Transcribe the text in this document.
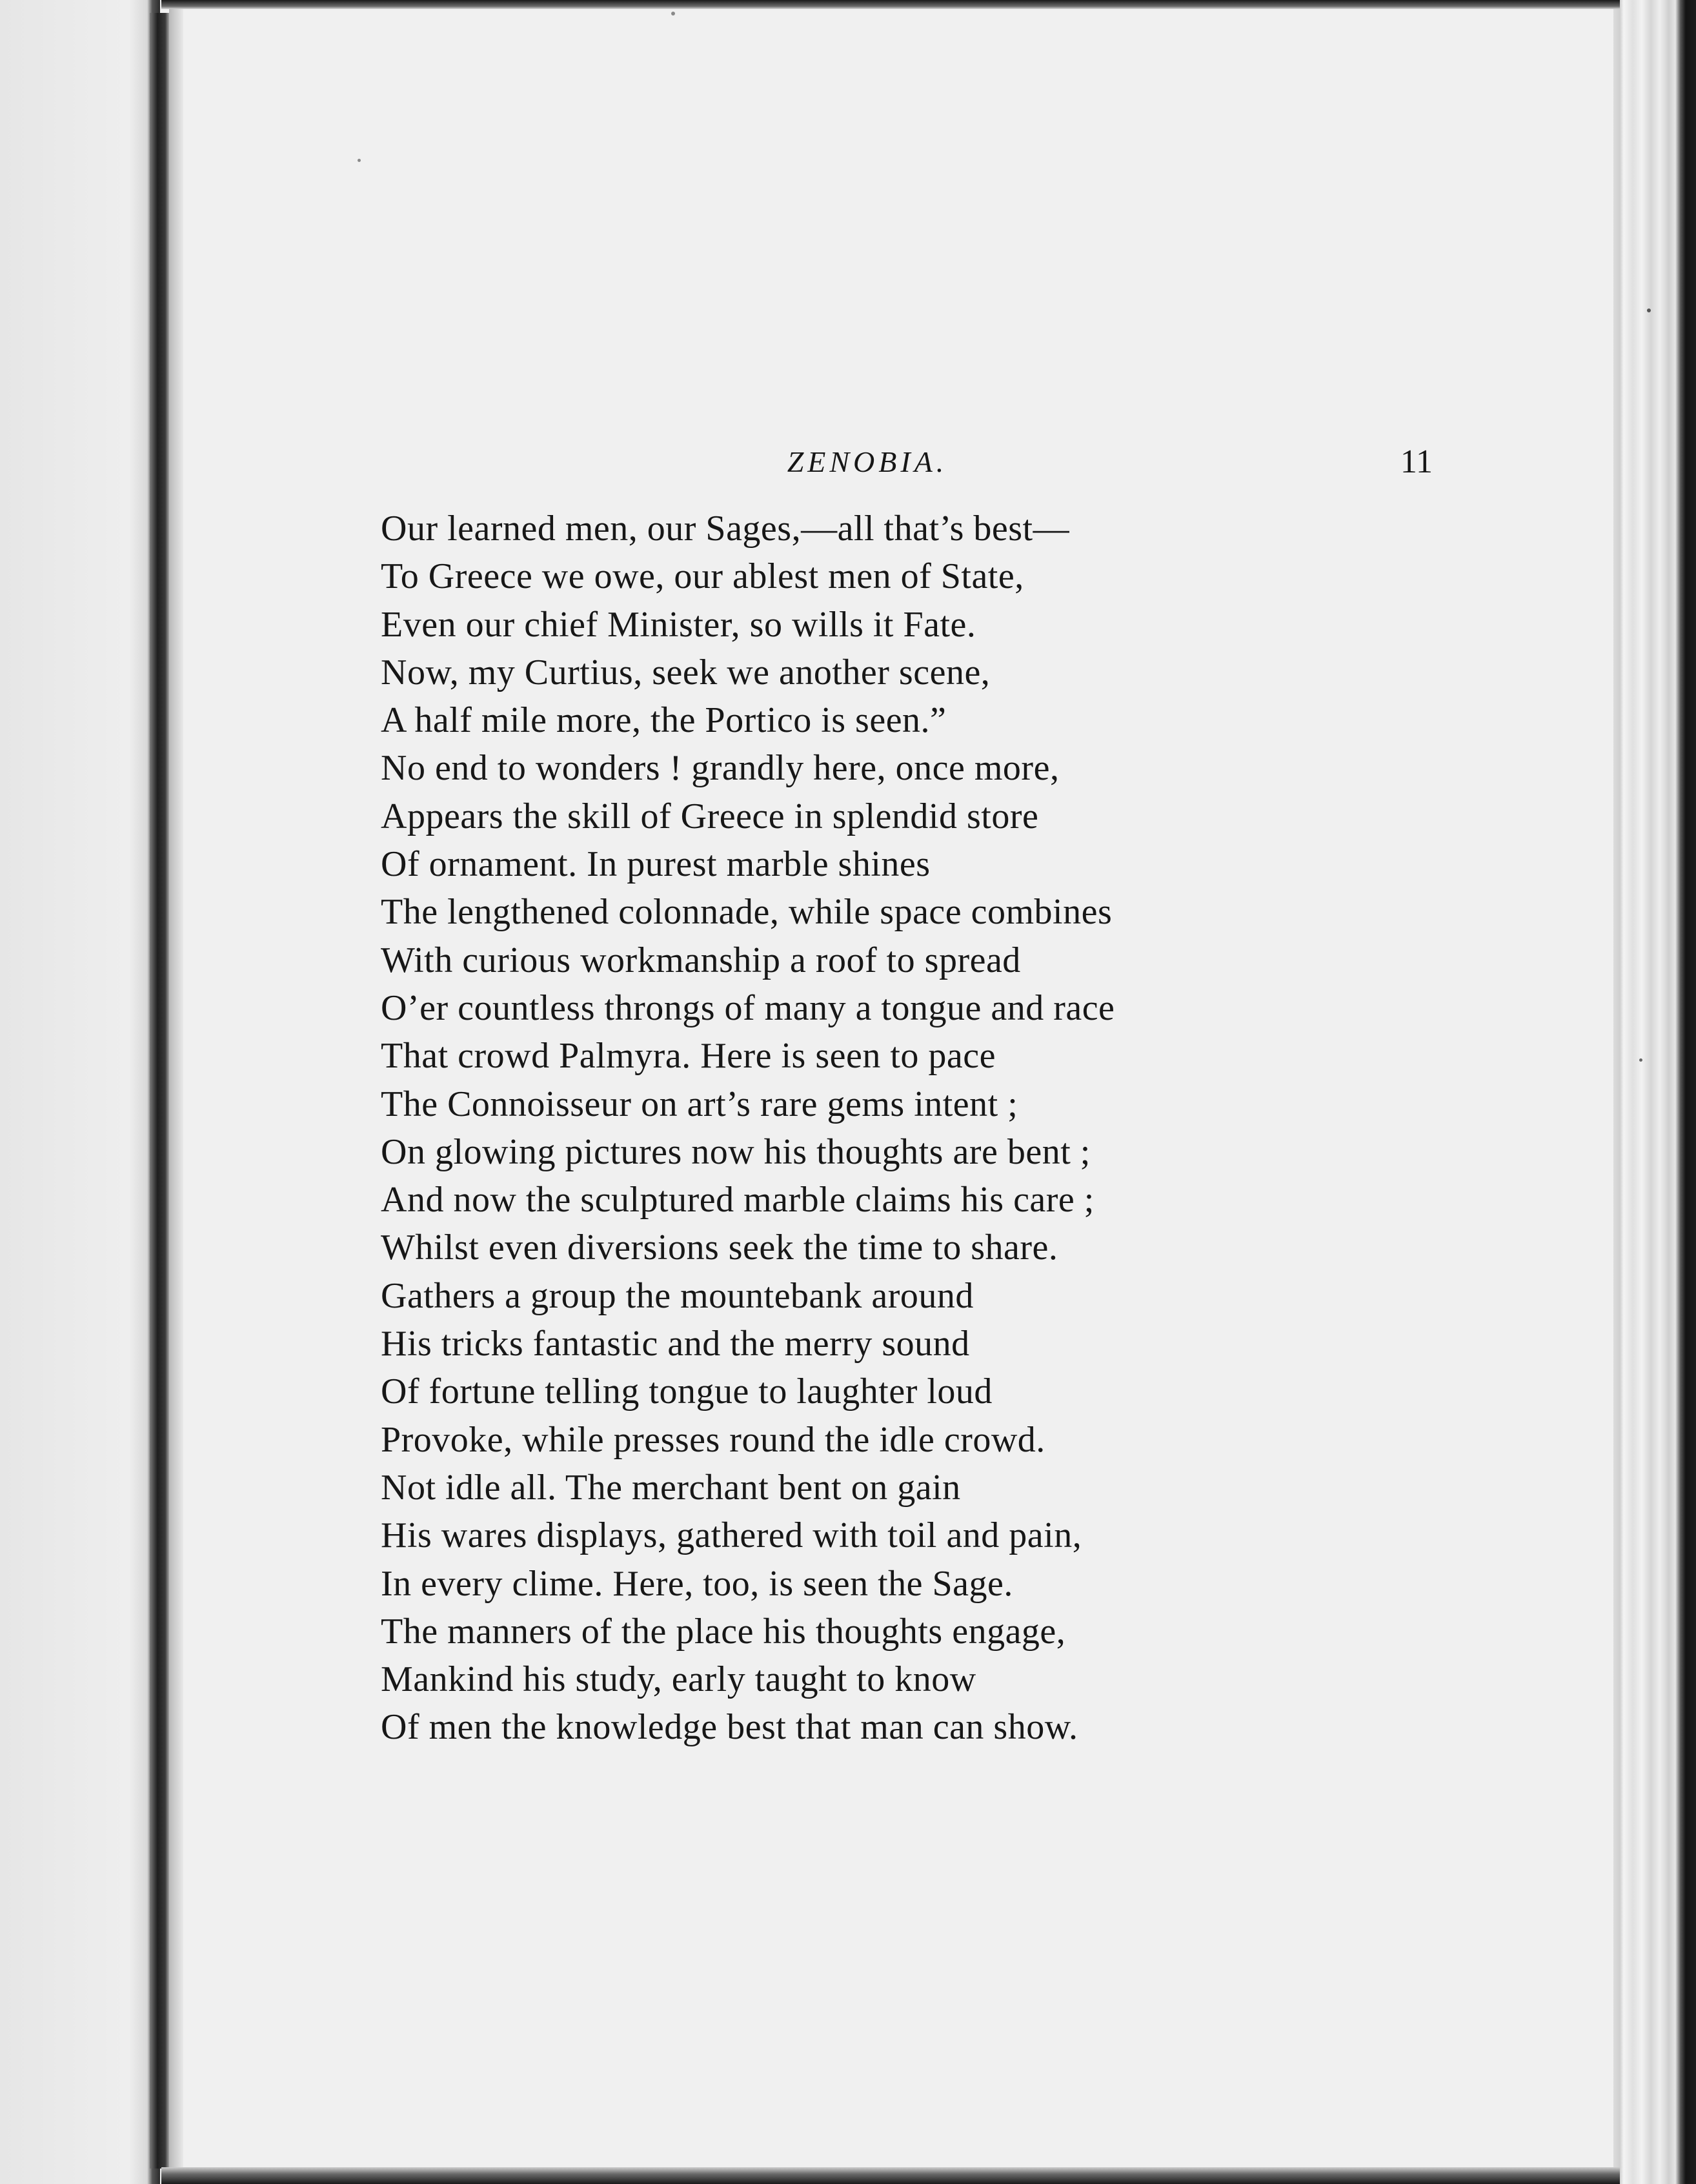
ZENOBIA.	11
Our learned men, our Sages,—all that’s best—
To Greece we owe, our ablest men of State,
Even our chief Minister, so wills it Fate.
Now, my Curtius, seek we another scene,
A half mile more, the Portico is seen.”
No end to wonders ! grandly here, once more,
Appears the skill of Greece in splendid store
Of ornament. In purest marble shines
The lengthened colonnade, while space combines
With curious workmanship a roof to spread
O’er countless throngs of many a tongue and race
That crowd Palmyra. Here is seen to pace
The Connoisseur on art’s rare gems intent ;
On glowing pictures now his thoughts are bent ;
And now the sculptured marble claims his care ;
Whilst even diversions seek the time to share.
Gathers a group the mountebank around
His tricks fantastic and the merry sound
Of fortune telling tongue to laughter loud
Provoke, while presses round the idle crowd.
Not idle all. The merchant bent on gain
His wares displays, gathered with toil and pain,
In every clime. Here, too, is seen the Sage.
The manners of the place his thoughts engage,
Mankind his study, early taught to know
Of men the knowledge best that man can show.
